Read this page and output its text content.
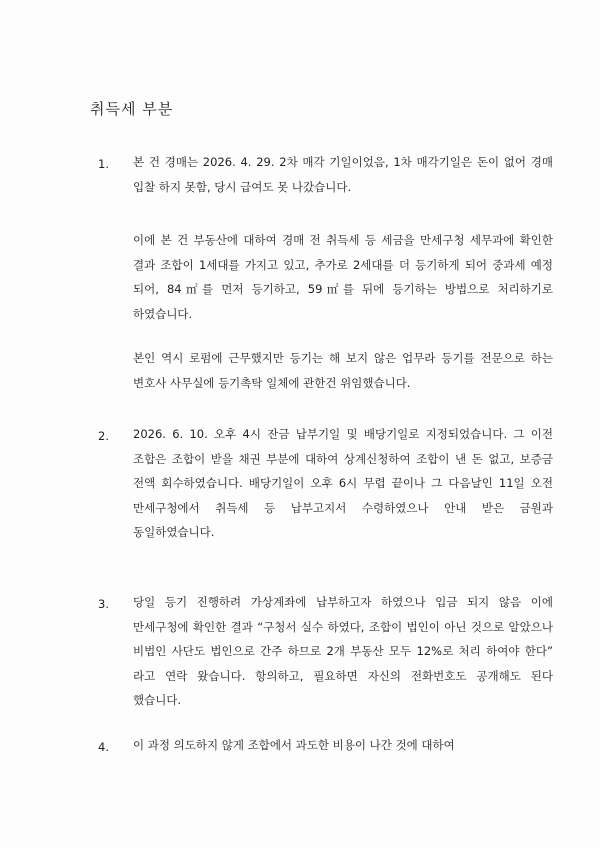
취득세 부분
1. 본 건 경매는 2026. 4. 29. 2차 매각 기일이었음, 1차 매각기일은 돈이 없어 경매 입찰 하지 못함, 당시 급여도 못 나갔습니다.
이에 본 건 부동산에 대하여 경매 전 취득세 등 세금을 만세구청 세무과에 확인한 결과 조합이 1세대를 가지고 있고, 추가로 2세대를 더 등기하게 되어 중과세 예정 되어, 84㎡를 먼저 등기하고, 59㎡를 뒤에 등기하는 방법으로 처리하기로 하였습니다.
본인 역시 로펌에 근무했지만 등기는 해 보지 않은 업무라 등기를 전문으로 하는 변호사 사무실에 등기촉탁 일체에 관한건 위임했습니다.
2. 2026. 6. 10. 오후 4시 잔금 납부기일 및 배당기일로 지정되었습니다. 그 이전 조합은 조합이 받을 채권 부분에 대하여 상계신청하여 조합이 낸 돈 없고, 보증금 전액 회수하였습니다. 배당기일이 오후 6시 무렵 끝이나 그 다음날인 11일 오전 만세구청에서 취득세 등 납부고지서 수령하였으나 안내 받은 금원과 동일하였습니다.
3. 당일 등기 진행하려 가상계좌에 납부하고자 하였으나 입금 되지 않음 이에 만세구청에 확인한 결과 “구청서 실수 하였다, 조합이 법인이 아닌 것으로 알았으나 비법인 사단도 법인으로 간주 하므로 2개 부동산 모두 12%로 처리 하여야 한다” 라고 연락 왔습니다. 항의하고, 필요하면 자신의 전화번호도 공개해도 된다 했습니다.
4. 이 과정 의도하지 않게 조합에서 과도한 비용이 나간 것에 대하여
